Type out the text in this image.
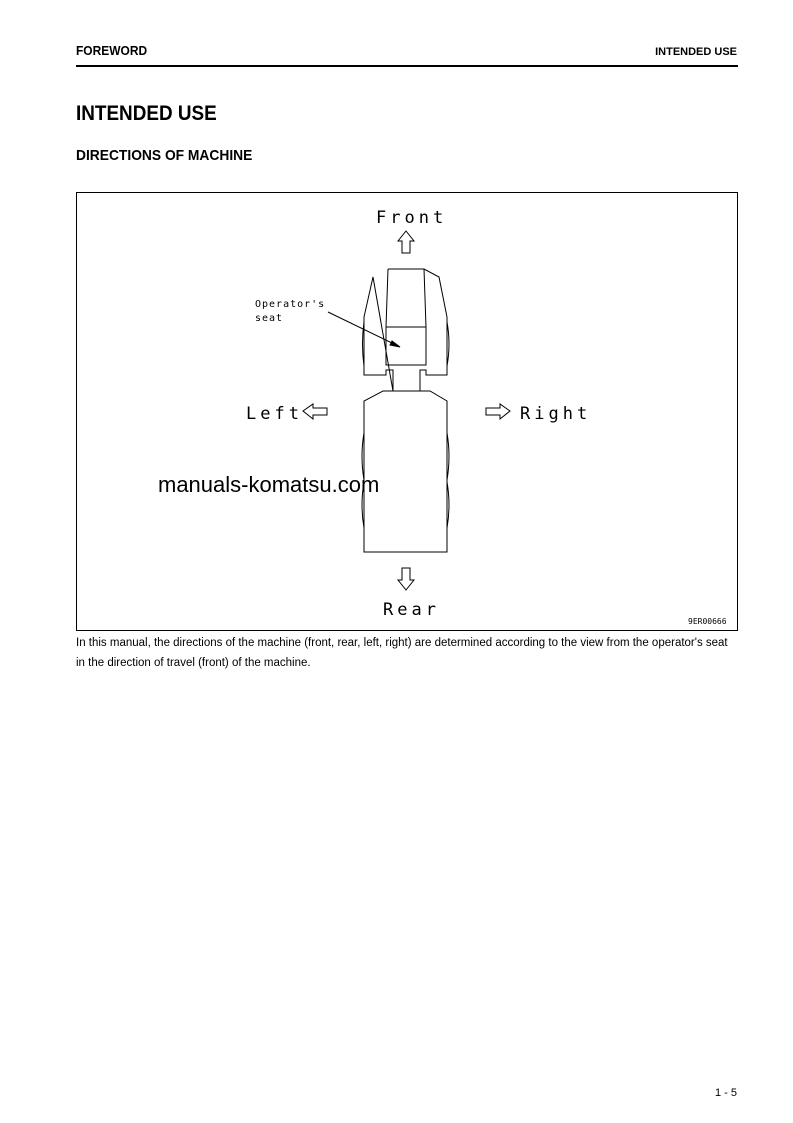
FOREWORD	INTENDED USE
INTENDED USE
DIRECTIONS OF MACHINE
Front
Operator's
seat
Left	Right
Rear
9ER00666
manuals-komatsu.com
In this manual, the directions of the machine (front, rear, left, right) are determined according to the view from the operator's seat in the direction of travel (front) of the machine.
1 - 5
